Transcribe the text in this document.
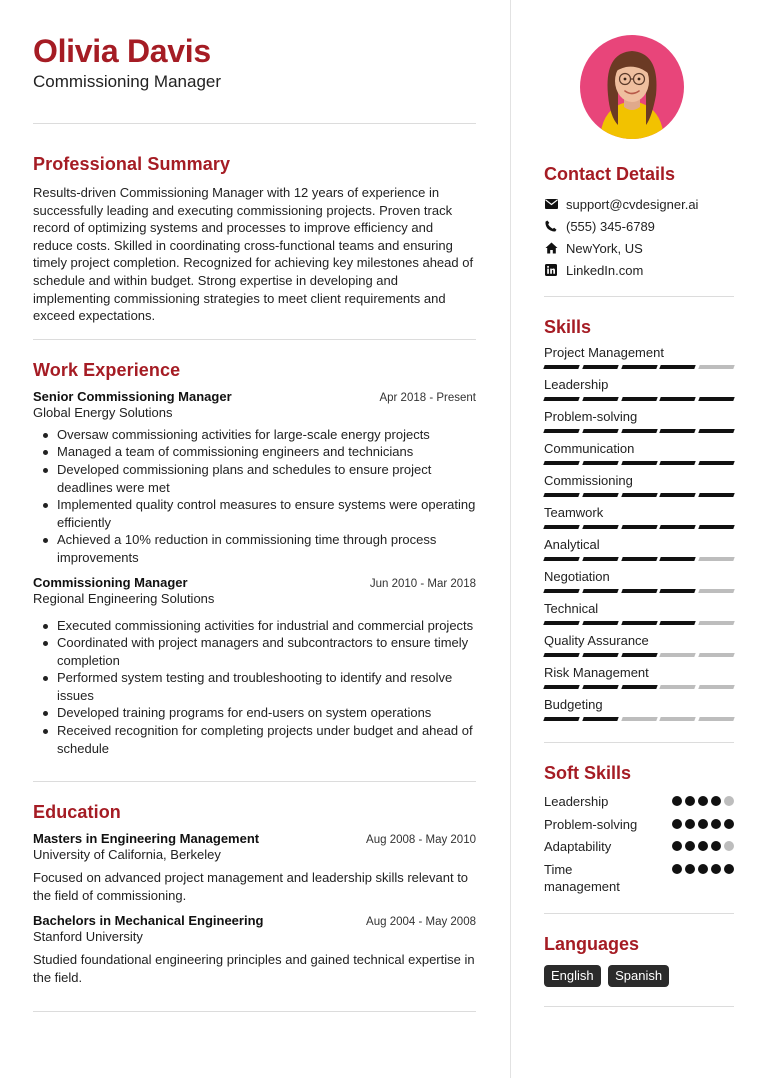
Olivia Davis
Commissioning Manager
Professional Summary
Results-driven Commissioning Manager with 12 years of experience in successfully leading and executing commissioning projects. Proven track record of optimizing systems and processes to improve efficiency and reduce costs. Skilled in coordinating cross-functional teams and ensuring timely project completion. Recognized for achieving key milestones ahead of schedule and within budget. Strong expertise in developing and implementing commissioning strategies to meet client requirements and exceed expectations.
Work Experience
Senior Commissioning Manager	Apr 2018 - Present
Global Energy Solutions
Oversaw commissioning activities for large-scale energy projects
Managed a team of commissioning engineers and technicians
Developed commissioning plans and schedules to ensure project deadlines were met
Implemented quality control measures to ensure systems were operating efficiently
Achieved a 10% reduction in commissioning time through process improvements
Commissioning Manager	Jun 2010 - Mar 2018
Regional Engineering Solutions
Executed commissioning activities for industrial and commercial projects
Coordinated with project managers and subcontractors to ensure timely completion
Performed system testing and troubleshooting to identify and resolve issues
Developed training programs for end-users on system operations
Received recognition for completing projects under budget and ahead of schedule
Education
Masters in Engineering Management	Aug 2008 - May 2010
University of California, Berkeley
Focused on advanced project management and leadership skills relevant to the field of commissioning.
Bachelors in Mechanical Engineering	Aug 2004 - May 2008
Stanford University
Studied foundational engineering principles and gained technical expertise in the field.
Contact Details
support@cvdesigner.ai
(555) 345-6789
NewYork, US
LinkedIn.com
Skills
Project Management
Leadership
Problem-solving
Communication
Commissioning
Teamwork
Analytical
Negotiation
Technical
Quality Assurance
Risk Management
Budgeting
Soft Skills
Leadership
Problem-solving
Adaptability
Time management
Languages
English Spanish
